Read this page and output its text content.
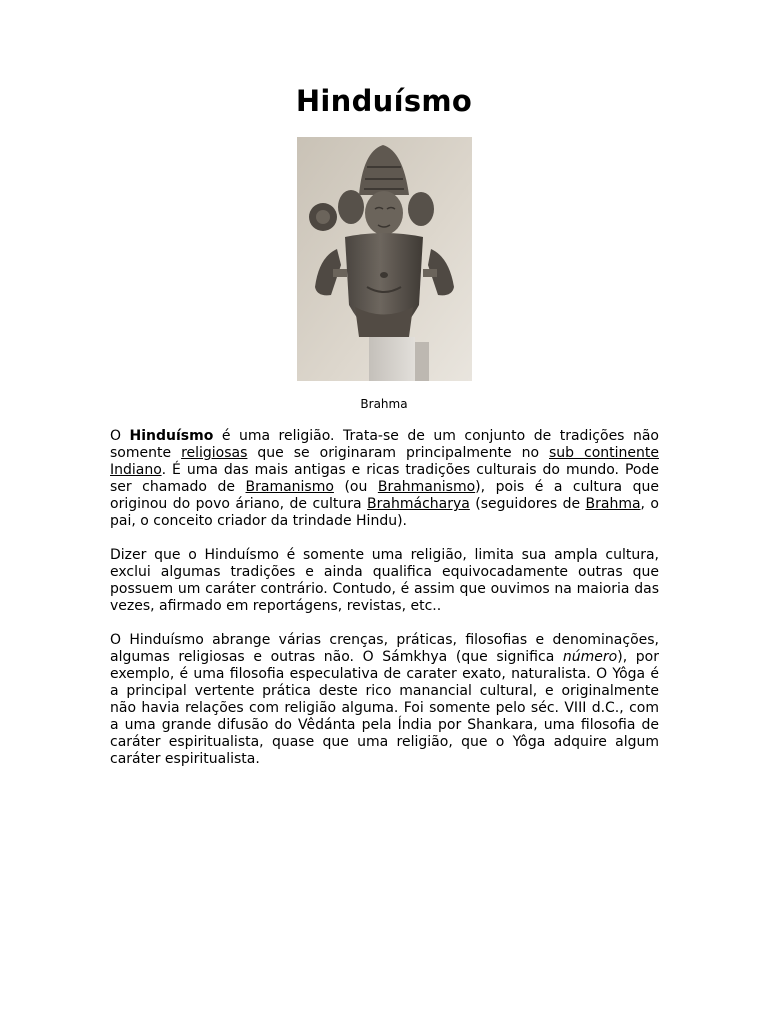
Hinduísmo
Brahma

O Hinduísmo é uma religião. Trata-se de um conjunto de tradições não somente religiosas que se originaram principalmente no sub continente Indiano. É uma das mais antigas e ricas tradições culturais do mundo. Pode ser chamado de Bramanismo (ou Brahmanismo), pois é a cultura que originou do povo áriano, de cultura Brahmácharya (seguidores de Brahma, o pai, o conceito criador da trindade Hindu).

Dizer que o Hinduísmo é somente uma religião, limita sua ampla cultura, exclui algumas tradições e ainda qualifica equivocadamente outras que possuem um caráter contrário. Contudo, é assim que ouvimos na maioria das vezes, afirmado em reportágens, revistas, etc..

O Hinduísmo abrange várias crenças, práticas, filosofias e denominações, algumas religiosas e outras não. O Sámkhya (que significa número), por exemplo, é uma filosofia especulativa de carater exato, naturalista. O Yôga é a principal vertente prática deste rico manancial cultural, e originalmente não havia relações com religião alguma. Foi somente pelo séc. VIII d.C., com a uma grande difusão do Vêdánta pela Índia por Shankara, uma filosofia de caráter espiritualista, quase que uma religião, que o Yôga adquire algum caráter espiritualista.
